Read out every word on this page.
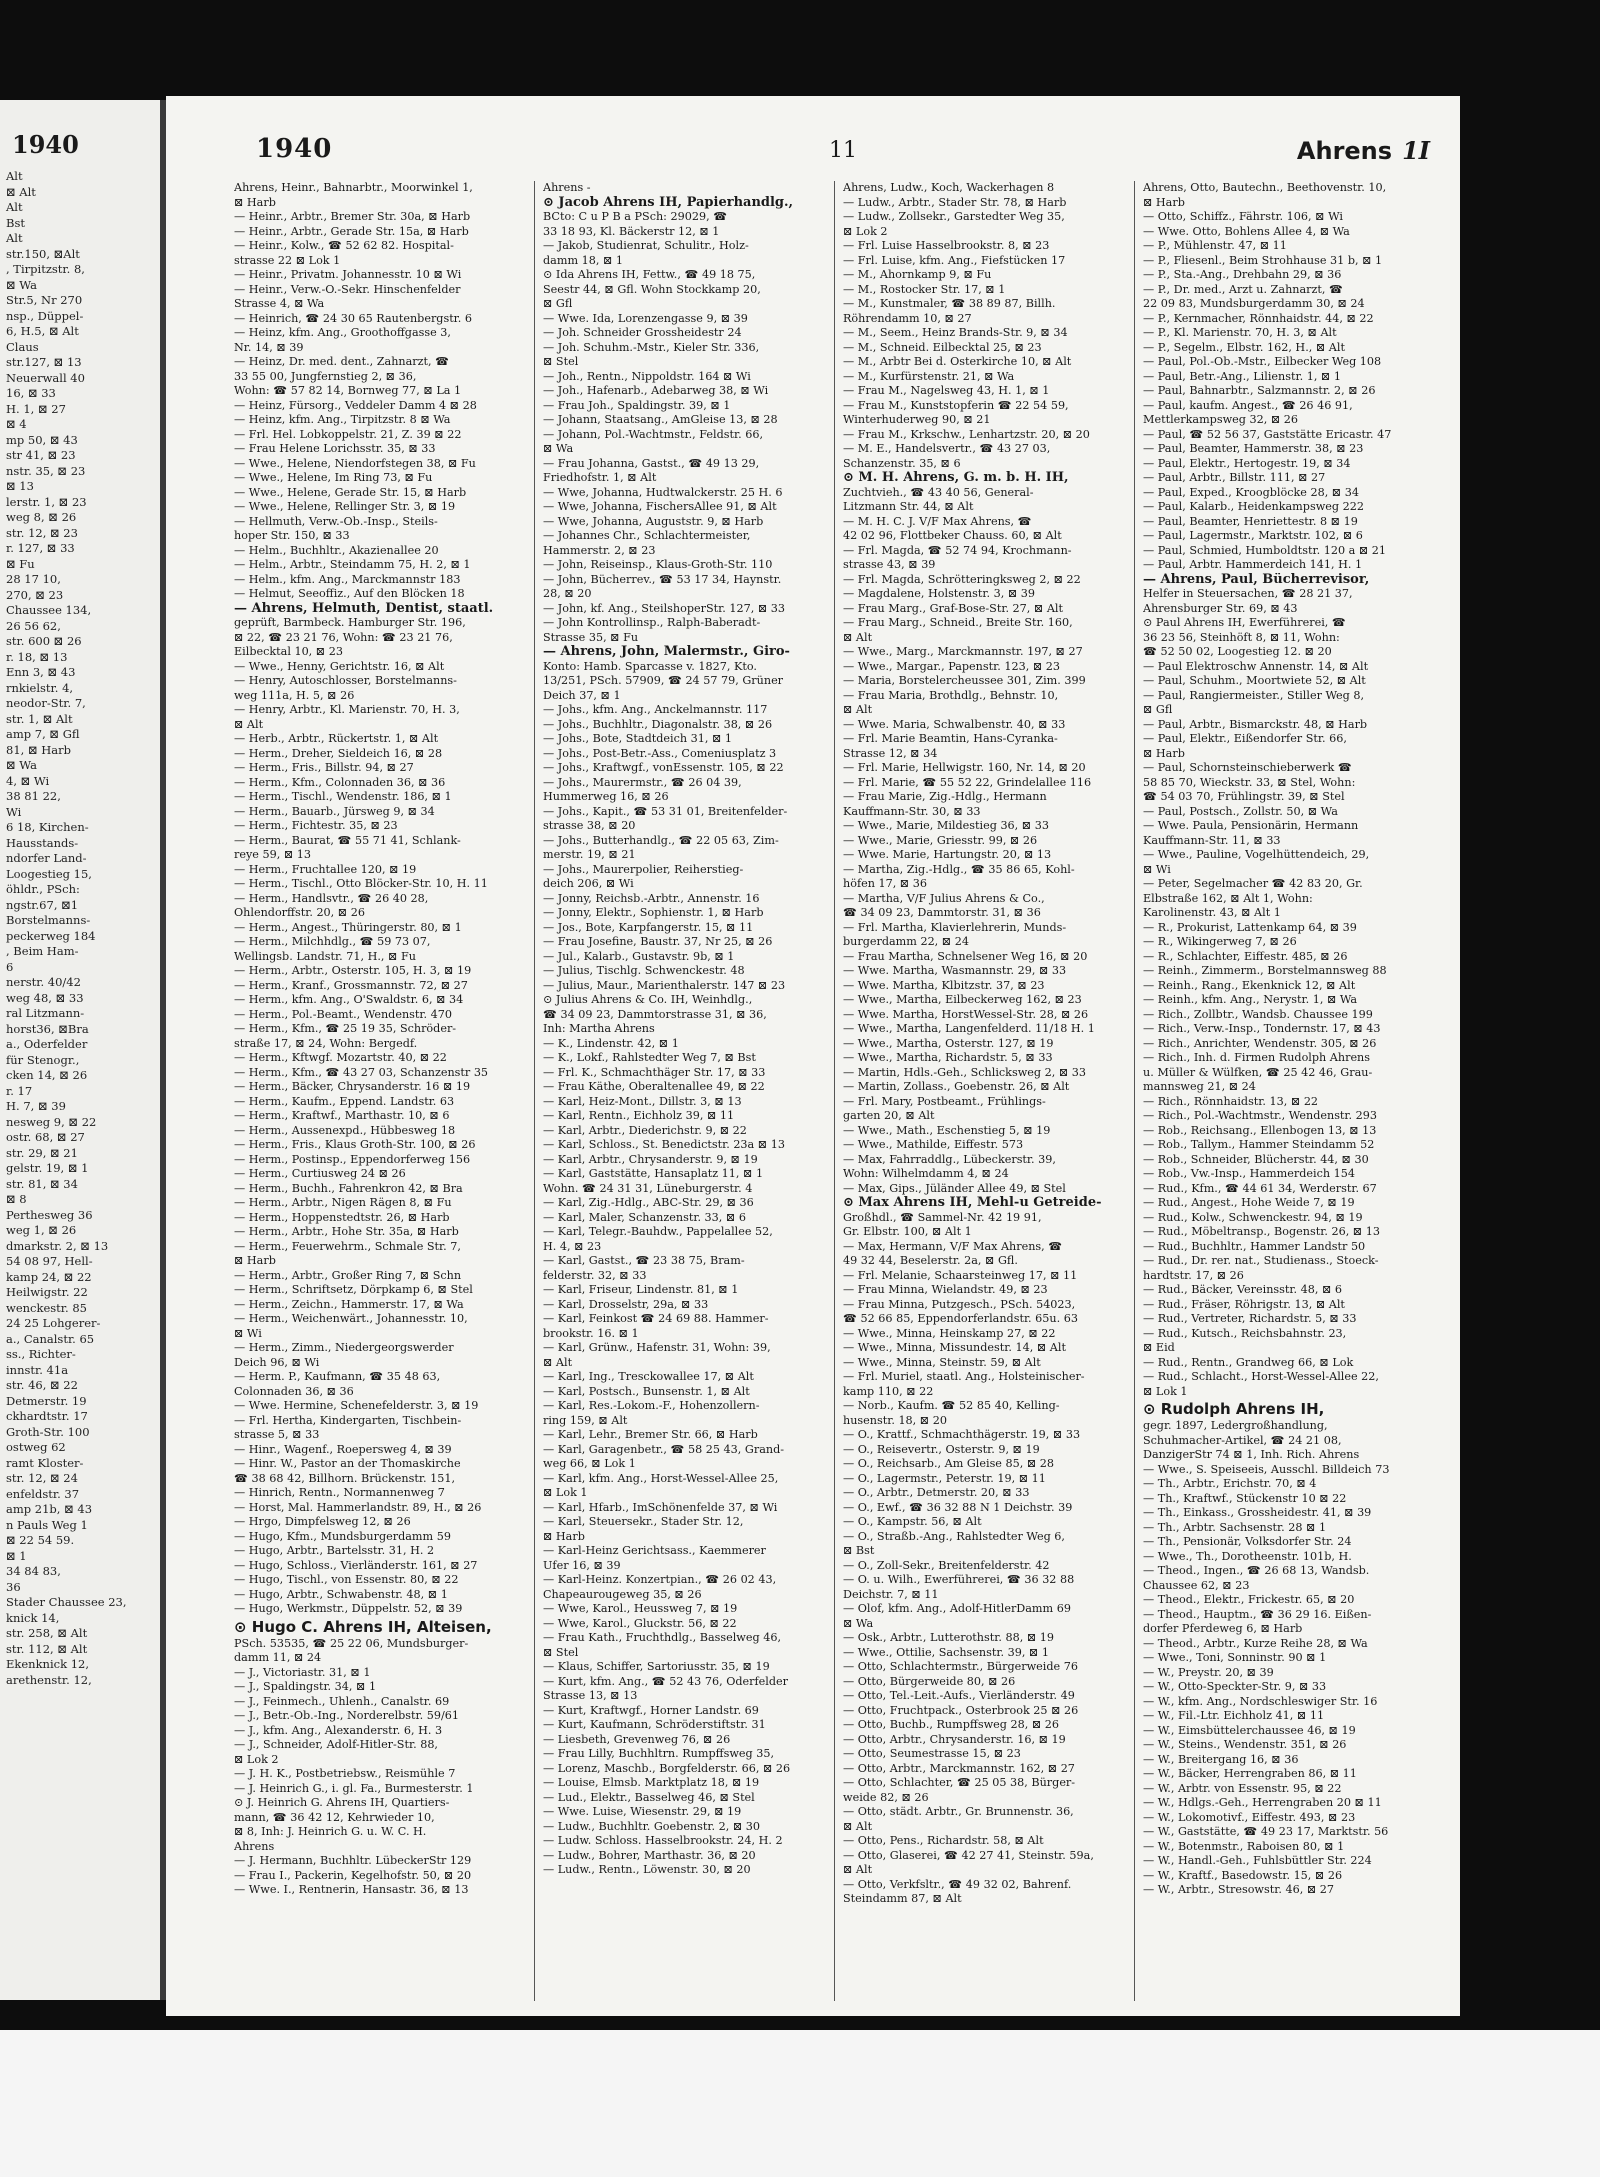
1940
Alt
⊠ Alt
Alt
Bst
Alt
str.150, ⊠Alt
, Tirpitzstr. 8,
⊠ Wa
Str.5, Nr 270
nsp., Düppel-
6, H.5, ⊠ Alt
Claus
str.127, ⊠ 13
Neuerwall 40
16, ⊠ 33
H. 1, ⊠ 27
⊠ 4
mp 50, ⊠ 43
str 41, ⊠ 23
nstr. 35, ⊠ 23
⊠ 13
lerstr. 1, ⊠ 23
weg 8, ⊠ 26
str. 12, ⊠ 23
r. 127, ⊠ 33
⊠ Fu
28 17 10,
270, ⊠ 23
Chaussee 134,
26 56 62,
str. 600 ⊠ 26
r. 18, ⊠ 13
Enn 3, ⊠ 43
rnkielstr. 4,
neodor-Str. 7,
str. 1, ⊠ Alt
amp 7, ⊠ Gfl
81, ⊠ Harb
⊠ Wa
4, ⊠ Wi
38 81 22,
Wi
6 18, Kirchen-
Hausstands-
ndorfer Land-
Loogestieg 15,
öhldr., PSch:
ngstr.67, ⊠1
Borstelmanns-
peckerweg 184
, Beim Ham-
6
nerstr. 40/42
weg 48, ⊠ 33
ral Litzmann-
horst36, ⊠Bra
a., Oderfelder
für Stenogr.,
cken 14, ⊠ 26
r. 17
H. 7, ⊠ 39
nesweg 9, ⊠ 22
ostr. 68, ⊠ 27
str. 29, ⊠ 21
gelstr. 19, ⊠ 1
str. 81, ⊠ 34
⊠ 8
Perthesweg 36
weg 1, ⊠ 26
dmarkstr. 2, ⊠ 13
54 08 97, Hell-
kamp 24, ⊠ 22
Heilwigstr. 22
wenckestr. 85
24 25 Lohgerer-
a., Canalstr. 65
ss., Richter-
innstr. 41a
str. 46, ⊠ 22
Detmerstr. 19
ckhardtstr. 17
Groth-Str. 100
ostweg 62
ramt Kloster-
str. 12, ⊠ 24
enfeldstr. 37
amp 21b, ⊠ 43
n Pauls Weg 1
⊠ 22 54 59.
⊠ 1
34 84 83,
36
Stader Chaussee 23,
knick 14,
str. 258, ⊠ Alt
str. 112, ⊠ Alt
Ekenknick 12,
arethenstr. 12,
1940	11	Ahrens 1I
Ahrens, Heinr., Bahnarbtr., Moorwinkel 1,
⊠ Harb
— Heinr., Arbtr., Bremer Str. 30a, ⊠ Harb
— Heinr., Arbtr., Gerade Str. 15a, ⊠ Harb
— Heinr., Kolw., ☎ 52 62 82. Hospital-
strasse 22 ⊠ Lok 1
— Heinr., Privatm. Johannesstr. 10 ⊠ Wi
— Heinr., Verw.-O.-Sekr. Hinschenfelder
Strasse 4, ⊠ Wa
— Heinrich, ☎ 24 30 65 Rautenbergstr. 6
— Heinz, kfm. Ang., Groothoffgasse 3,
Nr. 14, ⊠ 39
— Heinz, Dr. med. dent., Zahnarzt, ☎
33 55 00, Jungfernstieg 2, ⊠ 36,
Wohn: ☎ 57 82 14, Bornweg 77, ⊠ La 1
— Heinz, Fürsorg., Veddeler Damm 4 ⊠ 28
— Heinz, kfm. Ang., Tirpitzstr. 8 ⊠ Wa
— Frl. Hel. Lobkoppelstr. 21, Z. 39 ⊠ 22
— Frau Helene Lorichsstr. 35, ⊠ 33
— Wwe., Helene, Niendorfstegen 38, ⊠ Fu
— Wwe., Helene, Im Ring 73, ⊠ Fu
— Wwe., Helene, Gerade Str. 15, ⊠ Harb
— Wwe., Helene, Rellinger Str. 3, ⊠ 19
— Hellmuth, Verw.-Ob.-Insp., Steils-
hoper Str. 150, ⊠ 33
— Helm., Buchhltr., Akazienallee 20
— Helm., Arbtr., Steindamm 75, H. 2, ⊠ 1
— Helm., kfm. Ang., Marckmannstr 183
— Helmut, Seeoffiz., Auf den Blöcken 18
— Ahrens, Helmuth, Dentist, staatl.
geprüft, Barmbeck. Hamburger Str. 196,
⊠ 22, ☎ 23 21 76, Wohn: ☎ 23 21 76,
Eilbecktal 10, ⊠ 23
— Wwe., Henny, Gerichtstr. 16, ⊠ Alt
— Henry, Autoschlosser, Borstelmanns-
weg 111a, H. 5, ⊠ 26
— Henry, Arbtr., Kl. Marienstr. 70, H. 3,
⊠ Alt
— Herb., Arbtr., Rückertstr. 1, ⊠ Alt
— Herm., Dreher, Sieldeich 16, ⊠ 28
— Herm., Fris., Billstr. 94, ⊠ 27
— Herm., Kfm., Colonnaden 36, ⊠ 36
— Herm., Tischl., Wendenstr. 186, ⊠ 1
— Herm., Bauarb., Jürsweg 9, ⊠ 34
— Herm., Fichtestr. 35, ⊠ 23
— Herm., Baurat, ☎ 55 71 41, Schlank-
reye 59, ⊠ 13
— Herm., Fruchtallee 120, ⊠ 19
— Herm., Tischl., Otto Blöcker-Str. 10, H. 11
— Herm., Handlsvtr., ☎ 26 40 28,
Ohlendorffstr. 20, ⊠ 26
— Herm., Angest., Thüringerstr. 80, ⊠ 1
— Herm., Milchhdlg., ☎ 59 73 07,
Wellingsb. Landstr. 71, H., ⊠ Fu
— Herm., Arbtr., Osterstr. 105, H. 3, ⊠ 19
— Herm., Kranf., Grossmannstr. 72, ⊠ 27
— Herm., kfm. Ang., O'Swaldstr. 6, ⊠ 34
— Herm., Pol.-Beamt., Wendenstr. 470
— Herm., Kfm., ☎ 25 19 35, Schröder-
straße 17, ⊠ 24, Wohn: Bergedf.
— Herm., Kftwgf. Mozartstr. 40, ⊠ 22
— Herm., Kfm., ☎ 43 27 03, Schanzenstr 35
— Herm., Bäcker, Chrysanderstr. 16 ⊠ 19
— Herm., Kaufm., Eppend. Landstr. 63
— Herm., Kraftwf., Marthastr. 10, ⊠ 6
— Herm., Aussenexpd., Hübbesweg 18
— Herm., Fris., Klaus Groth-Str. 100, ⊠ 26
— Herm., Postinsp., Eppendorferweg 156
— Herm., Curtiusweg 24 ⊠ 26
— Herm., Buchh., Fahrenkron 42, ⊠ Bra
— Herm., Arbtr., Nigen Rägen 8, ⊠ Fu
— Herm., Hoppenstedtstr. 26, ⊠ Harb
— Herm., Arbtr., Hohe Str. 35a, ⊠ Harb
— Herm., Feuerwehrm., Schmale Str. 7,
⊠ Harb
— Herm., Arbtr., Großer Ring 7, ⊠ Schn
— Herm., Schriftsetz, Dörpkamp 6, ⊠ Stel
— Herm., Zeichn., Hammerstr. 17, ⊠ Wa
— Herm., Weichenwärt., Johannesstr. 10,
⊠ Wi
— Herm., Zimm., Niedergeorgswerder
Deich 96, ⊠ Wi
— Herm. P., Kaufmann, ☎ 35 48 63,
Colonnaden 36, ⊠ 36
— Wwe. Hermine, Schenefelderstr. 3, ⊠ 19
— Frl. Hertha, Kindergarten, Tischbein-
strasse 5, ⊠ 33
— Hinr., Wagenf., Roepersweg 4, ⊠ 39
— Hinr. W., Pastor an der Thomaskirche
☎ 38 68 42, Billhorn. Brückenstr. 151,
— Hinrich, Rentn., Normannenweg 7
— Horst, Mal. Hammerlandstr. 89, H., ⊠ 26
— Hrgo, Dimpfelsweg 12, ⊠ 26
— Hugo, Kfm., Mundsburgerdamm 59
— Hugo, Arbtr., Bartelsstr. 31, H. 2
— Hugo, Schloss., Vierländerstr. 161, ⊠ 27
— Hugo, Tischl., von Essenstr. 80, ⊠ 22
— Hugo, Arbtr., Schwabenstr. 48, ⊠ 1
— Hugo, Werkmstr., Düppelstr. 52, ⊠ 39
⊙ Hugo C. Ahrens IH, Alteisen,
PSch. 53535, ☎ 25 22 06, Mundsburger-
damm 11, ⊠ 24
— J., Victoriastr. 31, ⊠ 1
— J., Spaldingstr. 34, ⊠ 1
— J., Feinmech., Uhlenh., Canalstr. 69
— J., Betr.-Ob.-Ing., Norderelbstr. 59/61
— J., kfm. Ang., Alexanderstr. 6, H. 3
— J., Schneider, Adolf-Hitler-Str. 88,
⊠ Lok 2
— J. H. K., Postbetriebsw., Reismühle 7
— J. Heinrich G., i. gl. Fa., Burmesterstr. 1
⊙ J. Heinrich G. Ahrens IH, Quartiers-
mann, ☎ 36 42 12, Kehrwieder 10,
⊠ 8, Inh: J. Heinrich G. u. W. C. H.
Ahrens
— J. Hermann, Buchhltr. LübeckerStr 129
— Frau I., Packerin, Kegelhofstr. 50, ⊠ 20
— Wwe. I., Rentnerin, Hansastr. 36, ⊠ 13
Ahrens -
⊙ Jacob Ahrens IH, Papierhandlg.,
BCto: C u P B a PSch: 29029, ☎
33 18 93, Kl. Bäckerstr 12, ⊠ 1
— Jakob, Studienrat, Schulitr., Holz-
damm 18, ⊠ 1
⊙ Ida Ahrens IH, Fettw., ☎ 49 18 75,
Seestr 44, ⊠ Gfl. Wohn Stockkamp 20,
⊠ Gfl
— Wwe. Ida, Lorenzengasse 9, ⊠ 39
— Joh. Schneider Grossheidestr 24
— Joh. Schuhm.-Mstr., Kieler Str. 336,
⊠ Stel
— Joh., Rentn., Nippoldstr. 164 ⊠ Wi
— Joh., Hafenarb., Adebarweg 38, ⊠ Wi
— Frau Joh., Spaldingstr. 39, ⊠ 1
— Johann, Staatsang., AmGleise 13, ⊠ 28
— Johann, Pol.-Wachtmstr., Feldstr. 66,
⊠ Wa
— Frau Johanna, Gastst., ☎ 49 13 29,
Friedhofstr. 1, ⊠ Alt
— Wwe, Johanna, Hudtwalckerstr. 25 H. 6
— Wwe, Johanna, FischersAllee 91, ⊠ Alt
— Wwe, Johanna, Auguststr. 9, ⊠ Harb
— Johannes Chr., Schlachtermeister,
Hammerstr. 2, ⊠ 23
— John, Reiseinsp., Klaus-Groth-Str. 110
— John, Bücherrev., ☎ 53 17 34, Haynstr.
28, ⊠ 20
— John, kf. Ang., SteilshoperStr. 127, ⊠ 33
— John Kontrollinsp., Ralph-Baberadt-
Strasse 35, ⊠ Fu
— Ahrens, John, Malermstr., Giro-
Konto: Hamb. Sparcasse v. 1827, Kto.
13/251, PSch. 57909, ☎ 24 57 79, Grüner
Deich 37, ⊠ 1
— Johs., kfm. Ang., Anckelmannstr. 117
— Johs., Buchhltr., Diagonalstr. 38, ⊠ 26
— Johs., Bote, Stadtdeich 31, ⊠ 1
— Johs., Post-Betr.-Ass., Comeniusplatz 3
— Johs., Kraftwgf., vonEssenstr. 105, ⊠ 22
— Johs., Maurermstr., ☎ 26 04 39,
Hummerweg 16, ⊠ 26
— Johs., Kapit., ☎ 53 31 01, Breitenfelder-
strasse 38, ⊠ 20
— Johs., Butterhandlg., ☎ 22 05 63, Zim-
merstr. 19, ⊠ 21
— Johs., Maurerpolier, Reiherstieg-
deich 206, ⊠ Wi
— Jonny, Reichsb.-Arbtr., Annenstr. 16
— Jonny, Elektr., Sophienstr. 1, ⊠ Harb
— Jos., Bote, Karpfangerstr. 15, ⊠ 11
— Frau Josefine, Baustr. 37, Nr 25, ⊠ 26
— Jul., Kalarb., Gustavstr. 9b, ⊠ 1
— Julius, Tischlg. Schwenckestr. 48
— Julius, Maur., Marienthalerstr. 147 ⊠ 23
⊙ Julius Ahrens & Co. IH, Weinhdlg.,
☎ 34 09 23, Dammtorstrasse 31, ⊠ 36,
Inh: Martha Ahrens
— K., Lindenstr. 42, ⊠ 1
— K., Lokf., Rahlstedter Weg 7, ⊠ Bst
— Frl. K., Schmachthäger Str. 17, ⊠ 33
— Frau Käthe, Oberaltenallee 49, ⊠ 22
— Karl, Heiz-Mont., Dillstr. 3, ⊠ 13
— Karl, Rentn., Eichholz 39, ⊠ 11
— Karl, Arbtr., Diederichstr. 9, ⊠ 22
— Karl, Schloss., St. Benedictstr. 23a ⊠ 13
— Karl, Arbtr., Chrysanderstr. 9, ⊠ 19
— Karl, Gaststätte, Hansaplatz 11, ⊠ 1
Wohn. ☎ 24 31 31, Lüneburgerstr. 4
— Karl, Zig.-Hdlg., ABC-Str. 29, ⊠ 36
— Karl, Maler, Schanzenstr. 33, ⊠ 6
— Karl, Telegr.-Bauhdw., Pappelallee 52,
H. 4, ⊠ 23
— Karl, Gastst., ☎ 23 38 75, Bram-
felderstr. 32, ⊠ 33
— Karl, Friseur, Lindenstr. 81, ⊠ 1
— Karl, Drosselstr, 29a, ⊠ 33
— Karl, Feinkost ☎ 24 69 88. Hammer-
brookstr. 16. ⊠ 1
— Karl, Grünw., Hafenstr. 31, Wohn: 39,
⊠ Alt
— Karl, Ing., Tresckowallee 17, ⊠ Alt
— Karl, Postsch., Bunsenstr. 1, ⊠ Alt
— Karl, Res.-Lokom.-F., Hohenzollern-
ring 159, ⊠ Alt
— Karl, Lehr., Bremer Str. 66, ⊠ Harb
— Karl, Garagenbetr., ☎ 58 25 43, Grand-
weg 66, ⊠ Lok 1
— Karl, kfm. Ang., Horst-Wessel-Allee 25,
⊠ Lok 1
— Karl, Hfarb., ImSchönenfelde 37, ⊠ Wi
— Karl, Steuersekr., Stader Str. 12,
⊠ Harb
— Karl-Heinz Gerichtsass., Kaemmerer
Ufer 16, ⊠ 39
— Karl-Heinz. Konzertpian., ☎ 26 02 43,
Chapeaurougeweg 35, ⊠ 26
— Wwe, Karol., Heussweg 7, ⊠ 19
— Wwe, Karol., Gluckstr. 56, ⊠ 22
— Frau Kath., Fruchthdlg., Basselweg 46,
⊠ Stel
— Klaus, Schiffer, Sartoriusstr. 35, ⊠ 19
— Kurt, kfm. Ang., ☎ 52 43 76, Oderfelder
Strasse 13, ⊠ 13
— Kurt, Kraftwgf., Horner Landstr. 69
— Kurt, Kaufmann, Schröderstiftstr. 31
— Liesbeth, Grevenweg 76, ⊠ 26
— Frau Lilly, Buchhltrn. Rumpffsweg 35,
— Lorenz, Maschb., Borgfelderstr. 66, ⊠ 26
— Louise, Elmsb. Marktplatz 18, ⊠ 19
— Lud., Elektr., Basselweg 46, ⊠ Stel
— Wwe. Luise, Wiesenstr. 29, ⊠ 19
— Ludw., Buchhltr. Goebenstr. 2, ⊠ 30
— Ludw. Schloss. Hasselbrookstr. 24, H. 2
— Ludw., Bohrer, Marthastr. 36, ⊠ 20
— Ludw., Rentn., Löwenstr. 30, ⊠ 20
Ahrens, Ludw., Koch, Wackerhagen 8
— Ludw., Arbtr., Stader Str. 78, ⊠ Harb
— Ludw., Zollsekr., Garstedter Weg 35,
⊠ Lok 2
— Frl. Luise Hasselbrookstr. 8, ⊠ 23
— Frl. Luise, kfm. Ang., Fiefstücken 17
— M., Ahornkamp 9, ⊠ Fu
— M., Rostocker Str. 17, ⊠ 1
— M., Kunstmaler, ☎ 38 89 87, Billh.
Röhrendamm 10, ⊠ 27
— M., Seem., Heinz Brands-Str. 9, ⊠ 34
— M., Schneid. Eilbecktal 25, ⊠ 23
— M., Arbtr Bei d. Osterkirche 10, ⊠ Alt
— M., Kurfürstenstr. 21, ⊠ Wa
— Frau M., Nagelsweg 43, H. 1, ⊠ 1
— Frau M., Kunststopferin ☎ 22 54 59,
Winterhuderweg 90, ⊠ 21
— Frau M., Krkschw., Lenhartzstr. 20, ⊠ 20
— M. E., Handelsvertr., ☎ 43 27 03,
Schanzenstr. 35, ⊠ 6
⊙ M. H. Ahrens, G. m. b. H. IH,
Zuchtvieh., ☎ 43 40 56, General-
Litzmann Str. 44, ⊠ Alt
— M. H. C. J. V/F Max Ahrens, ☎
42 02 96, Flottbeker Chauss. 60, ⊠ Alt
— Frl. Magda, ☎ 52 74 94, Krochmann-
strasse 43, ⊠ 39
— Frl. Magda, Schrötteringksweg 2, ⊠ 22
— Magdalene, Holstenstr. 3, ⊠ 39
— Frau Marg., Graf-Bose-Str. 27, ⊠ Alt
— Frau Marg., Schneid., Breite Str. 160,
⊠ Alt
— Wwe., Marg., Marckmannstr. 197, ⊠ 27
— Wwe., Margar., Papenstr. 123, ⊠ 23
— Maria, Borstelercheussee 301, Zim. 399
— Frau Maria, Brothdlg., Behnstr. 10,
⊠ Alt
— Wwe. Maria, Schwalbenstr. 40, ⊠ 33
— Frl. Marie Beamtin, Hans-Cyranka-
Strasse 12, ⊠ 34
— Frl. Marie, Hellwigstr. 160, Nr. 14, ⊠ 20
— Frl. Marie, ☎ 55 52 22, Grindelallee 116
— Frau Marie, Zig.-Hdlg., Hermann
Kauffmann-Str. 30, ⊠ 33
— Wwe., Marie, Mildestieg 36, ⊠ 33
— Wwe., Marie, Griesstr. 99, ⊠ 26
— Wwe. Marie, Hartungstr. 20, ⊠ 13
— Martha, Zig.-Hdlg., ☎ 35 86 65, Kohl-
höfen 17, ⊠ 36
— Martha, V/F Julius Ahrens & Co.,
☎ 34 09 23, Dammtorstr. 31, ⊠ 36
— Frl. Martha, Klavierlehrerin, Munds-
burgerdamm 22, ⊠ 24
— Frau Martha, Schnelsener Weg 16, ⊠ 20
— Wwe. Martha, Wasmannstr. 29, ⊠ 33
— Wwe. Martha, Klbitzstr. 37, ⊠ 23
— Wwe., Martha, Eilbeckerweg 162, ⊠ 23
— Wwe. Martha, HorstWessel-Str. 28, ⊠ 26
— Wwe., Martha, Langenfelderd. 11/18 H. 1
— Wwe., Martha, Osterstr. 127, ⊠ 19
— Wwe., Martha, Richardstr. 5, ⊠ 33
— Martin, Hdls.-Geh., Schlicksweg 2, ⊠ 33
— Martin, Zollass., Goebenstr. 26, ⊠ Alt
— Frl. Mary, Postbeamt., Frühlings-
garten 20, ⊠ Alt
— Wwe., Math., Eschenstieg 5, ⊠ 19
— Wwe., Mathilde, Eiffestr. 573
— Max, Fahrraddlg., Lübeckerstr. 39,
Wohn: Wilhelmdamm 4, ⊠ 24
— Max, Gips., Jüländer Allee 49, ⊠ Stel
⊙ Max Ahrens IH, Mehl-u Getreide-
Großhdl., ☎ Sammel-Nr. 42 19 91,
Gr. Elbstr. 100, ⊠ Alt 1
— Max, Hermann, V/F Max Ahrens, ☎
49 32 44, Beselerstr. 2a, ⊠ Gfl.
— Frl. Melanie, Schaarsteinweg 17, ⊠ 11
— Frau Minna, Wielandstr. 49, ⊠ 23
— Frau Minna, Putzgesch., PSch. 54023,
☎ 52 66 85, Eppendorferlandstr. 65u. 63
— Wwe., Minna, Heinskamp 27, ⊠ 22
— Wwe., Minna, Missundestr. 14, ⊠ Alt
— Wwe., Minna, Steinstr. 59, ⊠ Alt
— Frl. Muriel, staatl. Ang., Holsteinischer-
kamp 110, ⊠ 22
— Norb., Kaufm. ☎ 52 85 40, Kelling-
husenstr. 18, ⊠ 20
— O., Krattf., Schmachthägerstr. 19, ⊠ 33
— O., Reisevertr., Osterstr. 9, ⊠ 19
— O., Reichsarb., Am Gleise 85, ⊠ 28
— O., Lagermstr., Peterstr. 19, ⊠ 11
— O., Arbtr., Detmerstr. 20, ⊠ 33
— O., Ewf., ☎ 36 32 88 N 1 Deichstr. 39
— O., Kampstr. 56, ⊠ Alt
— O., Straßb.-Ang., Rahlstedter Weg 6,
⊠ Bst
— O., Zoll-Sekr., Breitenfelderstr. 42
— O. u. Wilh., Ewerführerei, ☎ 36 32 88
Deichstr. 7, ⊠ 11
— Olof, kfm. Ang., Adolf-HitlerDamm 69
⊠ Wa
— Osk., Arbtr., Lutterothstr. 88, ⊠ 19
— Wwe., Ottilie, Sachsenstr. 39, ⊠ 1
— Otto, Schlachtermstr., Bürgerweide 76
— Otto, Bürgerweide 80, ⊠ 26
— Otto, Tel.-Leit.-Aufs., Vierländerstr. 49
— Otto, Fruchtpack., Osterbrook 25 ⊠ 26
— Otto, Buchb., Rumpffsweg 28, ⊠ 26
— Otto, Arbtr., Chrysanderstr. 16, ⊠ 19
— Otto, Seumestrasse 15, ⊠ 23
— Otto, Arbtr., Marckmannstr. 162, ⊠ 27
— Otto, Schlachter, ☎ 25 05 38, Bürger-
weide 82, ⊠ 26
— Otto, städt. Arbtr., Gr. Brunnenstr. 36,
⊠ Alt
— Otto, Pens., Richardstr. 58, ⊠ Alt
— Otto, Glaserei, ☎ 42 27 41, Steinstr. 59a,
⊠ Alt
— Otto, Verkfsltr., ☎ 49 32 02, Bahrenf.
Steindamm 87, ⊠ Alt
Ahrens, Otto, Bautechn., Beethovenstr. 10,
⊠ Harb
— Otto, Schiffz., Fährstr. 106, ⊠ Wi
— Wwe. Otto, Bohlens Allee 4, ⊠ Wa
— P., Mühlenstr. 47, ⊠ 11
— P., Fliesenl., Beim Strohhause 31 b, ⊠ 1
— P., Sta.-Ang., Drehbahn 29, ⊠ 36
— P., Dr. med., Arzt u. Zahnarzt, ☎
22 09 83, Mundsburgerdamm 30, ⊠ 24
— P., Kernmacher, Rönnhaidstr. 44, ⊠ 22
— P., Kl. Marienstr. 70, H. 3, ⊠ Alt
— P., Segelm., Elbstr. 162, H., ⊠ Alt
— Paul, Pol.-Ob.-Mstr., Eilbecker Weg 108
— Paul, Betr.-Ang., Lilienstr. 1, ⊠ 1
— Paul, Bahnarbtr., Salzmannstr. 2, ⊠ 26
— Paul, kaufm. Angest., ☎ 26 46 91,
Mettlerkampsweg 32, ⊠ 26
— Paul, ☎ 52 56 37, Gaststätte Ericastr. 47
— Paul, Beamter, Hammerstr. 38, ⊠ 23
— Paul, Elektr., Hertogestr. 19, ⊠ 34
— Paul, Arbtr., Billstr. 111, ⊠ 27
— Paul, Exped., Kroogblöcke 28, ⊠ 34
— Paul, Kalarb., Heidenkampsweg 222
— Paul, Beamter, Henriettestr. 8 ⊠ 19
— Paul, Lagermstr., Marktstr. 102, ⊠ 6
— Paul, Schmied, Humboldtstr. 120 a ⊠ 21
— Paul, Arbtr. Hammerdeich 141, H. 1
— Ahrens, Paul, Bücherrevisor,
Helfer in Steuersachen, ☎ 28 21 37,
Ahrensburger Str. 69, ⊠ 43
⊙ Paul Ahrens IH, Ewerführerei, ☎
36 23 56, Steinhöft 8, ⊠ 11, Wohn:
☎ 52 50 02, Loogestieg 12. ⊠ 20
— Paul Elektroschw Annenstr. 14, ⊠ Alt
— Paul, Schuhm., Moortwiete 52, ⊠ Alt
— Paul, Rangiermeister., Stiller Weg 8,
⊠ Gfl
— Paul, Arbtr., Bismarckstr. 48, ⊠ Harb
— Paul, Elektr., Eißendorfer Str. 66,
⊠ Harb
— Paul, Schornsteinschieberwerk ☎
58 85 70, Wieckstr. 33, ⊠ Stel, Wohn:
☎ 54 03 70, Frühlingstr. 39, ⊠ Stel
— Paul, Postsch., Zollstr. 50, ⊠ Wa
— Wwe. Paula, Pensionärin, Hermann
Kauffmann-Str. 11, ⊠ 33
— Wwe., Pauline, Vogelhüttendeich, 29,
⊠ Wi
— Peter, Segelmacher ☎ 42 83 20, Gr.
Elbstraße 162, ⊠ Alt 1, Wohn:
Karolinenstr. 43, ⊠ Alt 1
— R., Prokurist, Lattenkamp 64, ⊠ 39
— R., Wikingerweg 7, ⊠ 26
— R., Schlachter, Eiffestr. 485, ⊠ 26
— Reinh., Zimmerm., Borstelmannsweg 88
— Reinh., Rang., Ekenknick 12, ⊠ Alt
— Reinh., kfm. Ang., Nerystr. 1, ⊠ Wa
— Rich., Zollbtr., Wandsb. Chaussee 199
— Rich., Verw.-Insp., Tondernstr. 17, ⊠ 43
— Rich., Anrichter, Wendenstr. 305, ⊠ 26
— Rich., Inh. d. Firmen Rudolph Ahrens
u. Müller & Wülfken, ☎ 25 42 46, Grau-
mannsweg 21, ⊠ 24
— Rich., Rönnhaidstr. 13, ⊠ 22
— Rich., Pol.-Wachtmstr., Wendenstr. 293
— Rob., Reichsang., Ellenbogen 13, ⊠ 13
— Rob., Tallym., Hammer Steindamm 52
— Rob., Schneider, Blücherstr. 44, ⊠ 30
— Rob., Vw.-Insp., Hammerdeich 154
— Rud., Kfm., ☎ 44 61 34, Werderstr. 67
— Rud., Angest., Hohe Weide 7, ⊠ 19
— Rud., Kolw., Schwenckestr. 94, ⊠ 19
— Rud., Möbeltransp., Bogenstr. 26, ⊠ 13
— Rud., Buchhltr., Hammer Landstr 50
— Rud., Dr. rer. nat., Studienass., Stoeck-
hardtstr. 17, ⊠ 26
— Rud., Bäcker, Vereinsstr. 48, ⊠ 6
— Rud., Fräser, Röhrigstr. 13, ⊠ Alt
— Rud., Vertreter, Richardstr. 5, ⊠ 33
— Rud., Kutsch., Reichsbahnstr. 23,
⊠ Eid
— Rud., Rentn., Grandweg 66, ⊠ Lok
— Rud., Schlacht., Horst-Wessel-Allee 22,
⊠ Lok 1
⊙ Rudolph Ahrens IH,
gegr. 1897, Ledergroßhandlung,
Schuhmacher-Artikel, ☎ 24 21 08,
DanzigerStr 74 ⊠ 1, Inh. Rich. Ahrens
— Wwe., S. Speiseeis, Ausschl. Billdeich 73
— Th., Arbtr., Erichstr. 70, ⊠ 4
— Th., Kraftwf., Stückenstr 10 ⊠ 22
— Th., Einkass., Grossheidestr. 41, ⊠ 39
— Th., Arbtr. Sachsenstr. 28 ⊠ 1
— Th., Pensionär, Volksdorfer Str. 24
— Wwe., Th., Dorotheenstr. 101b, H.
— Theod., Ingen., ☎ 26 68 13, Wandsb.
Chaussee 62, ⊠ 23
— Theod., Elektr., Frickestr. 65, ⊠ 20
— Theod., Hauptm., ☎ 36 29 16. Eißen-
dorfer Pferdeweg 6, ⊠ Harb
— Theod., Arbtr., Kurze Reihe 28, ⊠ Wa
— Wwe., Toni, Sonninstr. 90 ⊠ 1
— W., Preystr. 20, ⊠ 39
— W., Otto-Speckter-Str. 9, ⊠ 33
— W., kfm. Ang., Nordschleswiger Str. 16
— W., Fil.-Ltr. Eichholz 41, ⊠ 11
— W., Eimsbüttelerchaussee 46, ⊠ 19
— W., Steins., Wendenstr. 351, ⊠ 26
— W., Breitergang 16, ⊠ 36
— W., Bäcker, Herrengraben 86, ⊠ 11
— W., Arbtr. von Essenstr. 95, ⊠ 22
— W., Hdlgs.-Geh., Herrengraben 20 ⊠ 11
— W., Lokomotivf., Eiffestr. 493, ⊠ 23
— W., Gaststätte, ☎ 49 23 17, Marktstr. 56
— W., Botenmstr., Raboisen 80, ⊠ 1
— W., Handl.-Geh., Fuhlsbüttler Str. 224
— W., Kraftf., Basedowstr. 15, ⊠ 26
— W., Arbtr., Stresowstr. 46, ⊠ 27
